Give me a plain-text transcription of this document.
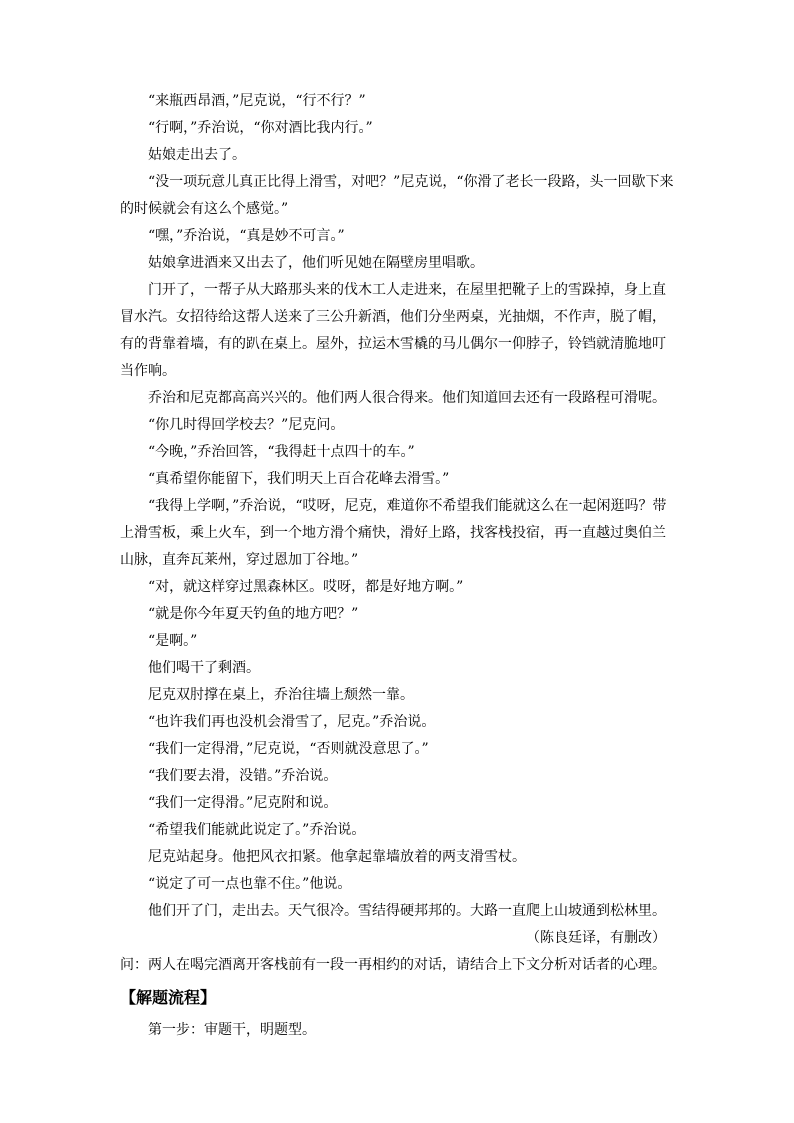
“来瓶西昂酒，”尼克说，“行不行？”

“行啊，”乔治说，“你对酒比我内行。”

姑娘走出去了。

“没一项玩意儿真正比得上滑雪，对吧？”尼克说，“你滑了老长一段路，头一回歇下来的时候就会有这么个感觉。”

“嘿，”乔治说，“真是妙不可言。”

姑娘拿进酒来又出去了，他们听见她在隔壁房里唱歌。

门开了，一帮子从大路那头来的伐木工人走进来，在屋里把靴子上的雪跺掉，身上直冒水汽。女招待给这帮人送来了三公升新酒，他们分坐两桌，光抽烟，不作声，脱了帽，有的背靠着墙，有的趴在桌上。屋外，拉运木雪橇的马儿偶尔一仰脖子，铃铛就清脆地叮当作响。

乔治和尼克都高高兴兴的。他们两人很合得来。他们知道回去还有一段路程可滑呢。

“你几时得回学校去？”尼克问。

“今晚，”乔治回答，“我得赶十点四十的车。”

“真希望你能留下，我们明天上百合花峰去滑雪。”

“我得上学啊，”乔治说，“哎呀，尼克，难道你不希望我们能就这么在一起闲逛吗？带上滑雪板，乘上火车，到一个地方滑个痛快，滑好上路，找客栈投宿，再一直越过奥伯兰山脉，直奔瓦莱州，穿过恩加丁谷地。”

“对，就这样穿过黑森林区。哎呀，都是好地方啊。”

“就是你今年夏天钓鱼的地方吧？”

“是啊。”

他们喝干了剩酒。

尼克双肘撑在桌上，乔治往墙上颓然一靠。

“也许我们再也没机会滑雪了，尼克。”乔治说。

“我们一定得滑，”尼克说，“否则就没意思了。”

“我们要去滑，没错。”乔治说。

“我们一定得滑。”尼克附和说。

“希望我们能就此说定了。”乔治说。

尼克站起身。他把风衣扣紧。他拿起靠墙放着的两支滑雪杖。

“说定了可一点也靠不住。”他说。

他们开了门，走出去。天气很冷。雪结得硬邦邦的。大路一直爬上山坡通到松林里。

（陈良廷译，有删改）

问：两人在喝完酒离开客栈前有一段一再相约的对话，请结合上下文分析对话者的心理。

【解题流程】

第一步：审题干，明题型。
